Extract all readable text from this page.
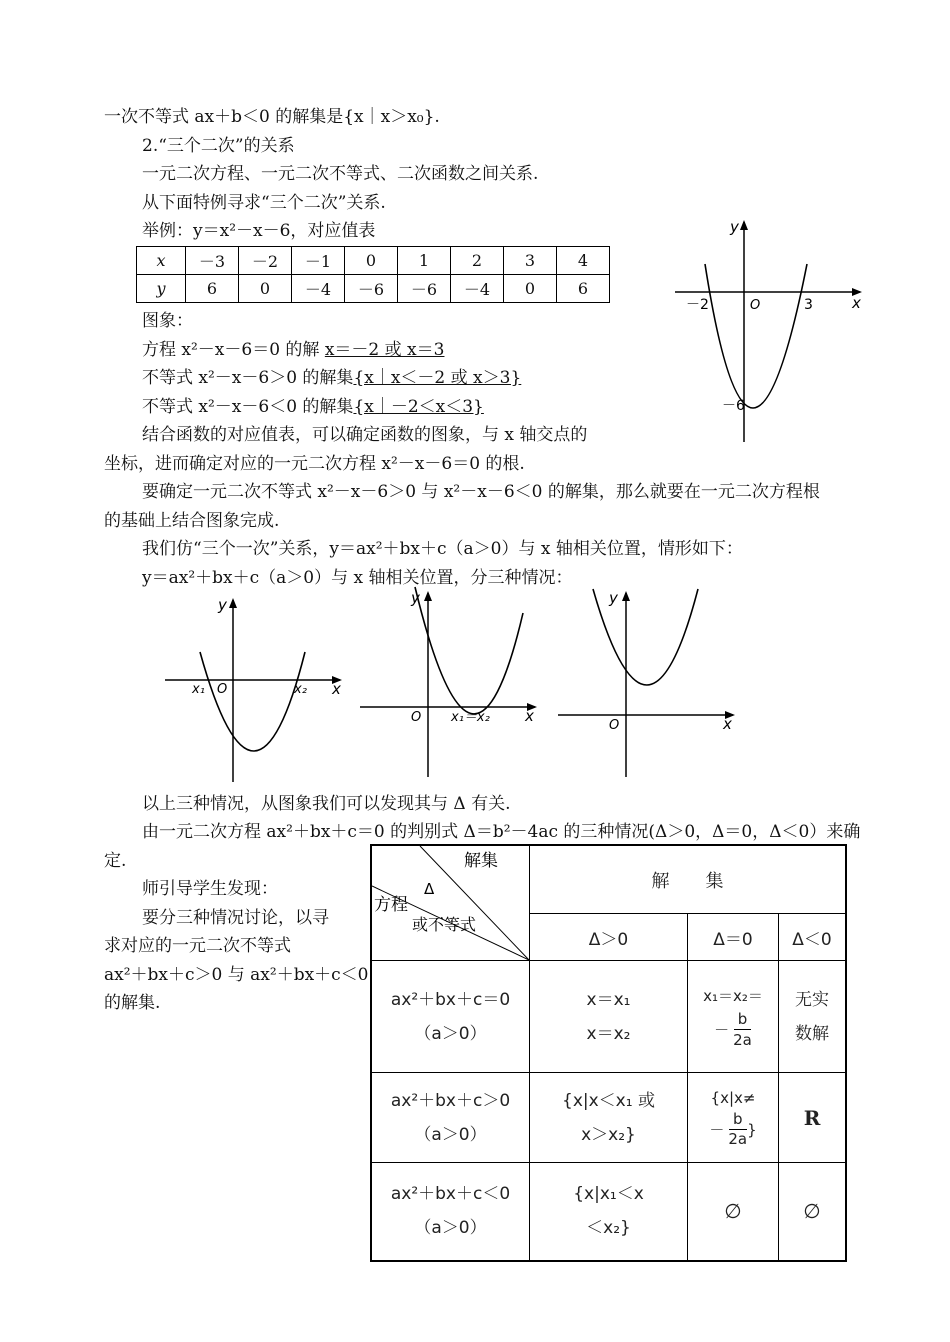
一次不等式 ax＋b＜0 的解集是{x｜x＞x₀}.
2.“三个二次”的关系
一元二次方程、一元二次不等式、二次函数之间关系.
从下面特例寻求“三个二次”关系.
举例：y＝x²－x－6，对应值表
x	－3	－2	－1	0	1	2	3	4
y	6	0	－4	－6	－6	－4	0	6
图象：
方程 x²－x－6＝0 的解 x＝－2 或 x＝3
不等式 x²－x－6＞0 的解集{x｜x＜－2 或 x＞3}
不等式 x²－x－6＜0 的解集{x｜－2＜x＜3}
结合函数的对应值表，可以确定函数的图象，与 x 轴交点的
坐标，进而确定对应的一元二次方程 x²－x－6＝0 的根.
要确定一元二次不等式 x²－x－6＞0 与 x²－x－6＜0 的解集，那么就要在一元二次方程根
的基础上结合图象完成.
我们仿“三个一次”关系，y＝ax²＋bx＋c（a＞0）与 x 轴相关位置，情形如下：
y＝ax²＋bx＋c（a＞0）与 x 轴相关位置，分三种情况：
y
x
O
－2	3
－6
y
x
O
x₁	x₂
y
x
O x₁＝x₂
y
x
O
以上三种情况，从图象我们可以发现其与 Δ 有关.
由一元二次方程 ax²＋bx＋c＝0 的判别式 Δ＝b²－4ac 的三种情况(Δ＞0，Δ＝0，Δ＜0）来确
定.
师引导学生发现：
要分三种情况讨论，以寻
求对应的一元二次不等式
ax²＋bx＋c＞0 与 ax²＋bx＋c＜0
的解集.
解集
Δ
方程
或不等式	解　　集		
	Δ＞0	Δ＝0	Δ＜0

ax²＋bx＋c＝0
（a＞0）	x＝x₁
x＝x₂	x₁＝x₂＝
－ $\frac{b}{2a}$	无实
数解

ax²＋bx＋c＞0
（a＞0）	{x|x＜x₁ 或
x＞x₂}	{x|x≠
－ $\frac{b}{2a}$ }	R

ax²＋bx＋c＜0
（a＞0）	{x|x₁＜x
＜x₂}	∅	∅
